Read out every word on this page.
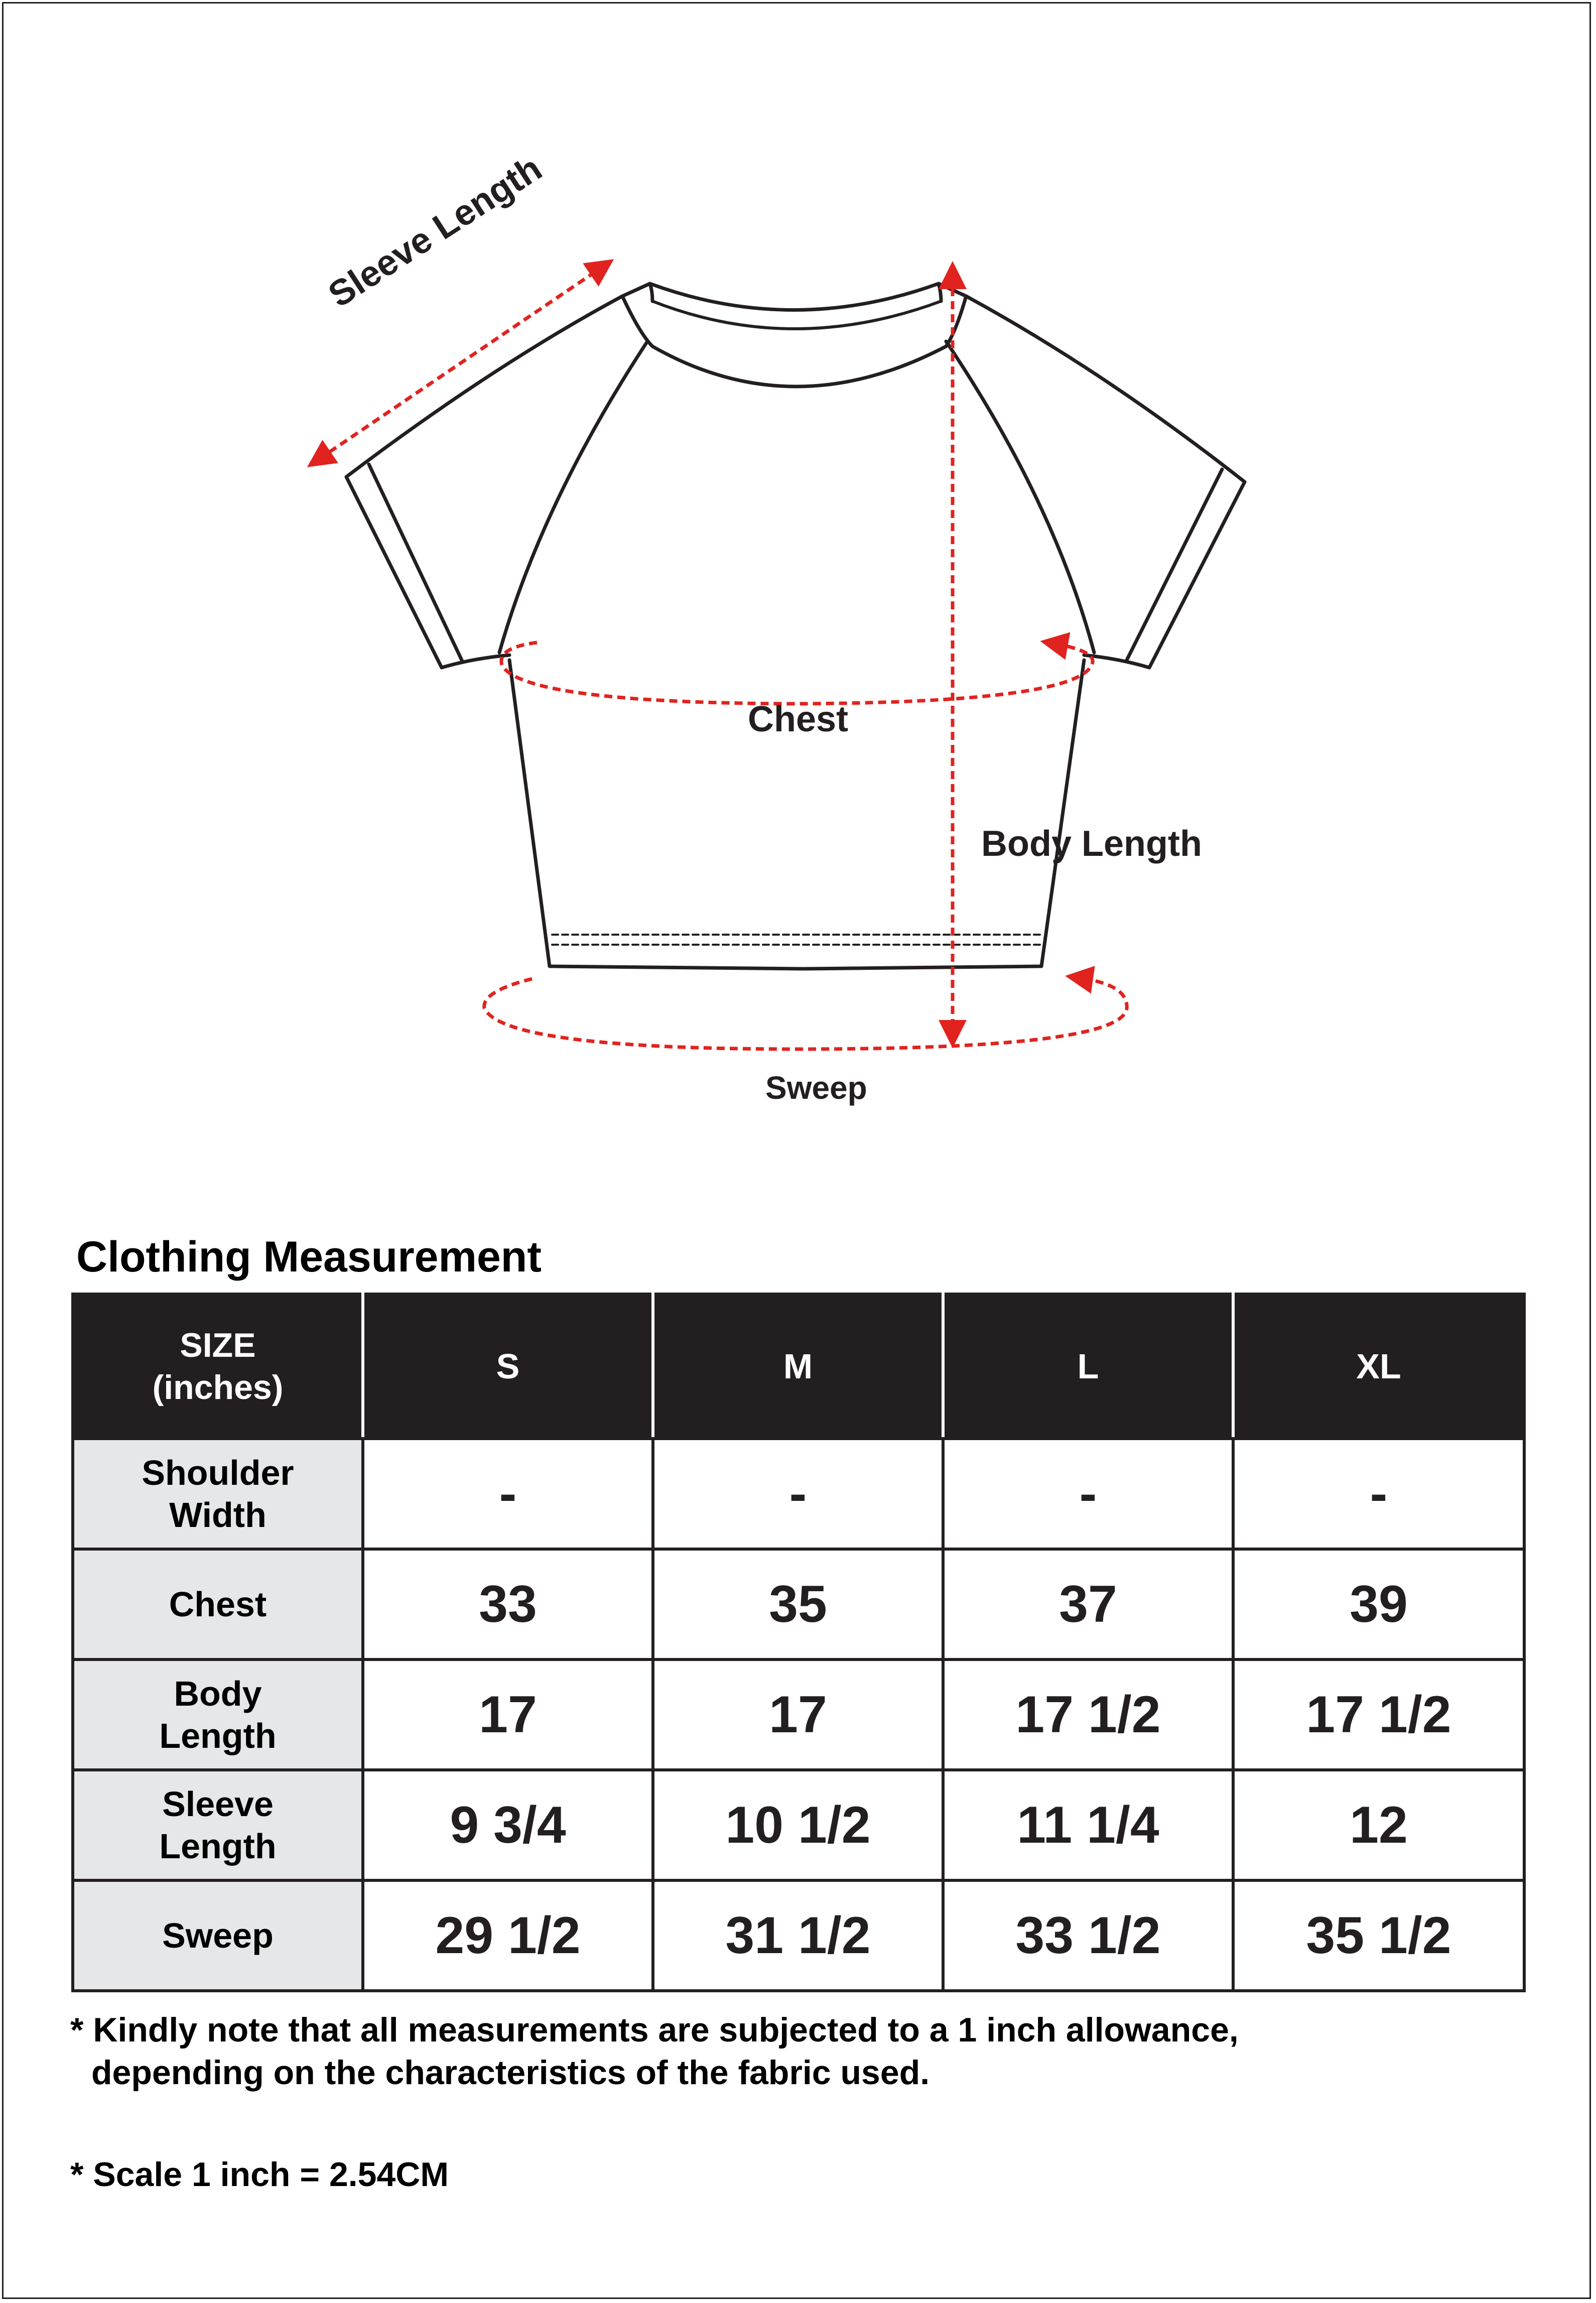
Sleeve Length
Chest
Body Length
Sweep
Clothing Measurement
SIZE
(inches)	S	M	L	XL

Shoulder
Width	-	-	-	-

Chest	33	35	37	39

Body
Length	17	17	17 1/2	17 1/2

Sleeve
Length	9 3/4	10 1/2	11 1/4	12

Sweep	29 1/2	31 1/2	33 1/2	35 1/2
* Kindly note that all measurements are subjected to a 1 inch allowance,
depending on the characteristics of the fabric used.
* Scale 1 inch = 2.54CM
